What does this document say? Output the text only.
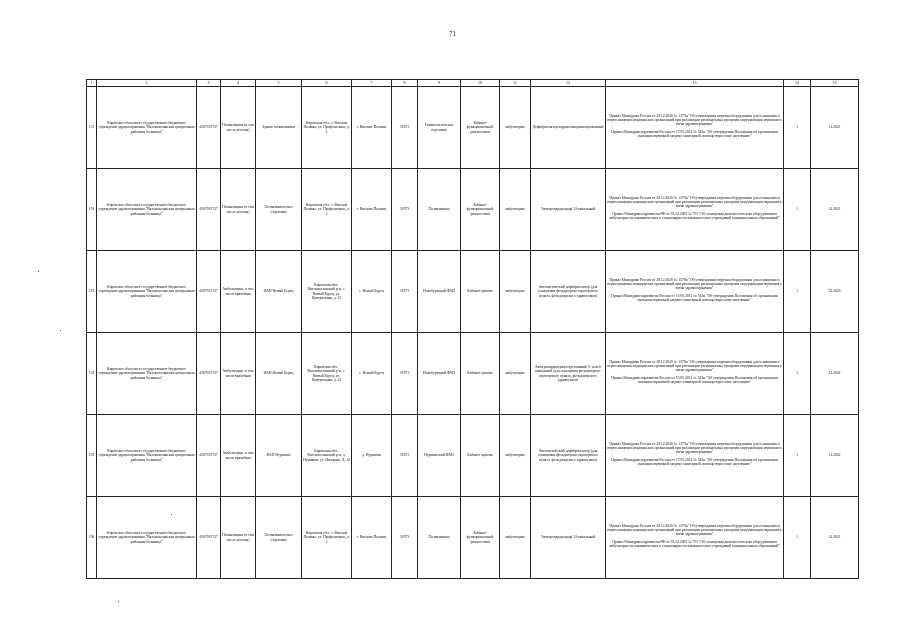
71
1	2	3	4	5	6	7	8	9	10	11	12	13	14	15
151	Кировское областное государственное бюджетное учреждение здравоохранения "Вятскополянская центральная районная больница"	4307015727	Поликлиника (в том числе детская)	Здание поликлиники	Кировская обл., г. Вятские Поляны, ул. Профсоюзная, д. 2	г. Вятские Поляны	31873	Гинекологическое отделение	Кабинет функциональной диагностики	амбулаторно	Дефибриллятор кардиосинхронизированный	Приказ Минздрава России от 28.12.2020 № 1379н "Об утверждении перечня оборудования для оснащения и переоснащения медицинских организаций при реализации региональных программ модернизации первичного звена здравоохранения"

Приказ Минздравсоцразвития России от 15.05.2012 № 543н "Об утверждении Положения об организации оказания первичной медико-санитарной помощи взрослому населению"	1	12.2021
152	Кировское областное государственное бюджетное учреждение здравоохранения "Вятскополянская центральная районная больница"	4307015727	Поликлиника (в том числе детская)	Поликлиническое отделение	Кировская обл., г. Вятские Поляны, ул. Профсоюзная, д. 2	г. Вятские Поляны	31873	Поликлиника	Кабинет функциональной диагностики	амбулаторно	Электрокардиограф 12-канальный	Приказ Минздрава России от 28.12.2020 № 1379н "Об утверждении перечня оборудования для оснащения и переоснащения медицинских организаций при реализации региональных программ модернизации первичного звена здравоохранения"

Приказ Минздравсоцразвития РФ от 01.12.2005 № 753 "Об оснащении диагностическим оборудованием амбулаторно-поликлинических и стационарно-поликлинических учреждений муниципальных образований"	1	12.2021
153	Кировское областное государственное бюджетное учреждение здравоохранения "Вятскополянская центральная районная больница"	4307015727	Амбулаторно, в том числе врачебная	ФАП Новый Бурец	Кировская обл., Вятскополянский р-н, с. Новый Бурец, ул. Центральная, д. 21	с. Новый Бурец	31873	Новобурецкий ФАП	Кабинет приема	амбулаторно	Автоматический дефибриллятор (для оснащения фельдшерско-акушерского пункта, фельдшерского здравпункта)	Приказ Минздрава России от 28.12.2020 № 1379н "Об утверждении перечня оборудования для оснащения и переоснащения медицинских организаций при реализации региональных программ модернизации первичного звена здравоохранения"

Приказ Минздравсоцразвития России от 15.05.2012 № 543н "Об утверждении Положения об организации оказания первичной медико-санитарной помощи взрослому населению"	1	12.2023
154	Кировское областное государственное бюджетное учреждение здравоохранения "Вятскополянская центральная районная больница"	4307015727	Амбулаторно, в том числе врачебная	ФАП Новый Бурец	Кировская обл., Вятскополянский р-н, с. Новый Бурец, ул. Центральная, д. 21	с. Новый Бурец	31873	Новобурецкий ФАП	Кабинет приема	амбулаторно	Электрокардиограф портативный 3- или 6-канальный (для оснащения фельдшерско-акушерского пункта, фельдшерского здравпункта)	Приказ Минздрава России от 28.12.2020 № 1379н "Об утверждении перечня оборудования для оснащения и переоснащения медицинских организаций при реализации региональных программ модернизации первичного звена здравоохранения"

Приказ Минздравсоцразвития России от 15.05.2012 № 543н "Об утверждении Положения об организации оказания первичной медико-санитарной помощи взрослому населению"	1	12.2024
155	Кировское областное государственное бюджетное учреждение здравоохранения "Вятскополянская центральная районная больница"	4307015727	Амбулаторно, в том числе врачебная	ФАП Нурмаши	Кировская обл., Вятскополянский р-н, д. Нурмаши, ул. Нагорная, Д. 14	д. Нурмаши	31873	Нурмашский ФАП	Кабинет приема	амбулаторно	Автоматический дефибриллятор (для оснащения фельдшерско-акушерского пункта, фельдшерского здравпункта)	Приказ Минздрава России от 28.12.2020 № 1379н "Об утверждении перечня оборудования для оснащения и переоснащения медицинских организаций при реализации региональных программ модернизации первичного звена здравоохранения"

Приказ Минздравсоцразвития России от 15.05.2012 № 543н "Об утверждении Положения об организации оказания первичной медико-санитарной помощи взрослому населению"	1	12.2022
156	Кировское областное государственное бюджетное учреждение здравоохранения "Вятскополянская центральная районная больница"	4307015727	Поликлиника (в том числе детская)	Поликлиническое отделение	Кировская обл., г. Вятские Поляны, ул. Профсоюзная, д. 2	г. Вятские Поляны	31873	Поликлиника	Кабинет функциональной диагностики	амбулаторно	Электрокардиограф 12-канальный	Приказ Минздрава России от 28.12.2020 № 1379н "Об утверждении перечня оборудования для оснащения и переоснащения медицинских организаций при реализации региональных программ модернизации первичного звена здравоохранения"

Приказ Минздравсоцразвития РФ от 01.12.2005 № 753 "Об оснащении диагностическим оборудованием амбулаторно-поликлинических и стационарно-поликлинических учреждений муниципальных образований"	1	12.2021
